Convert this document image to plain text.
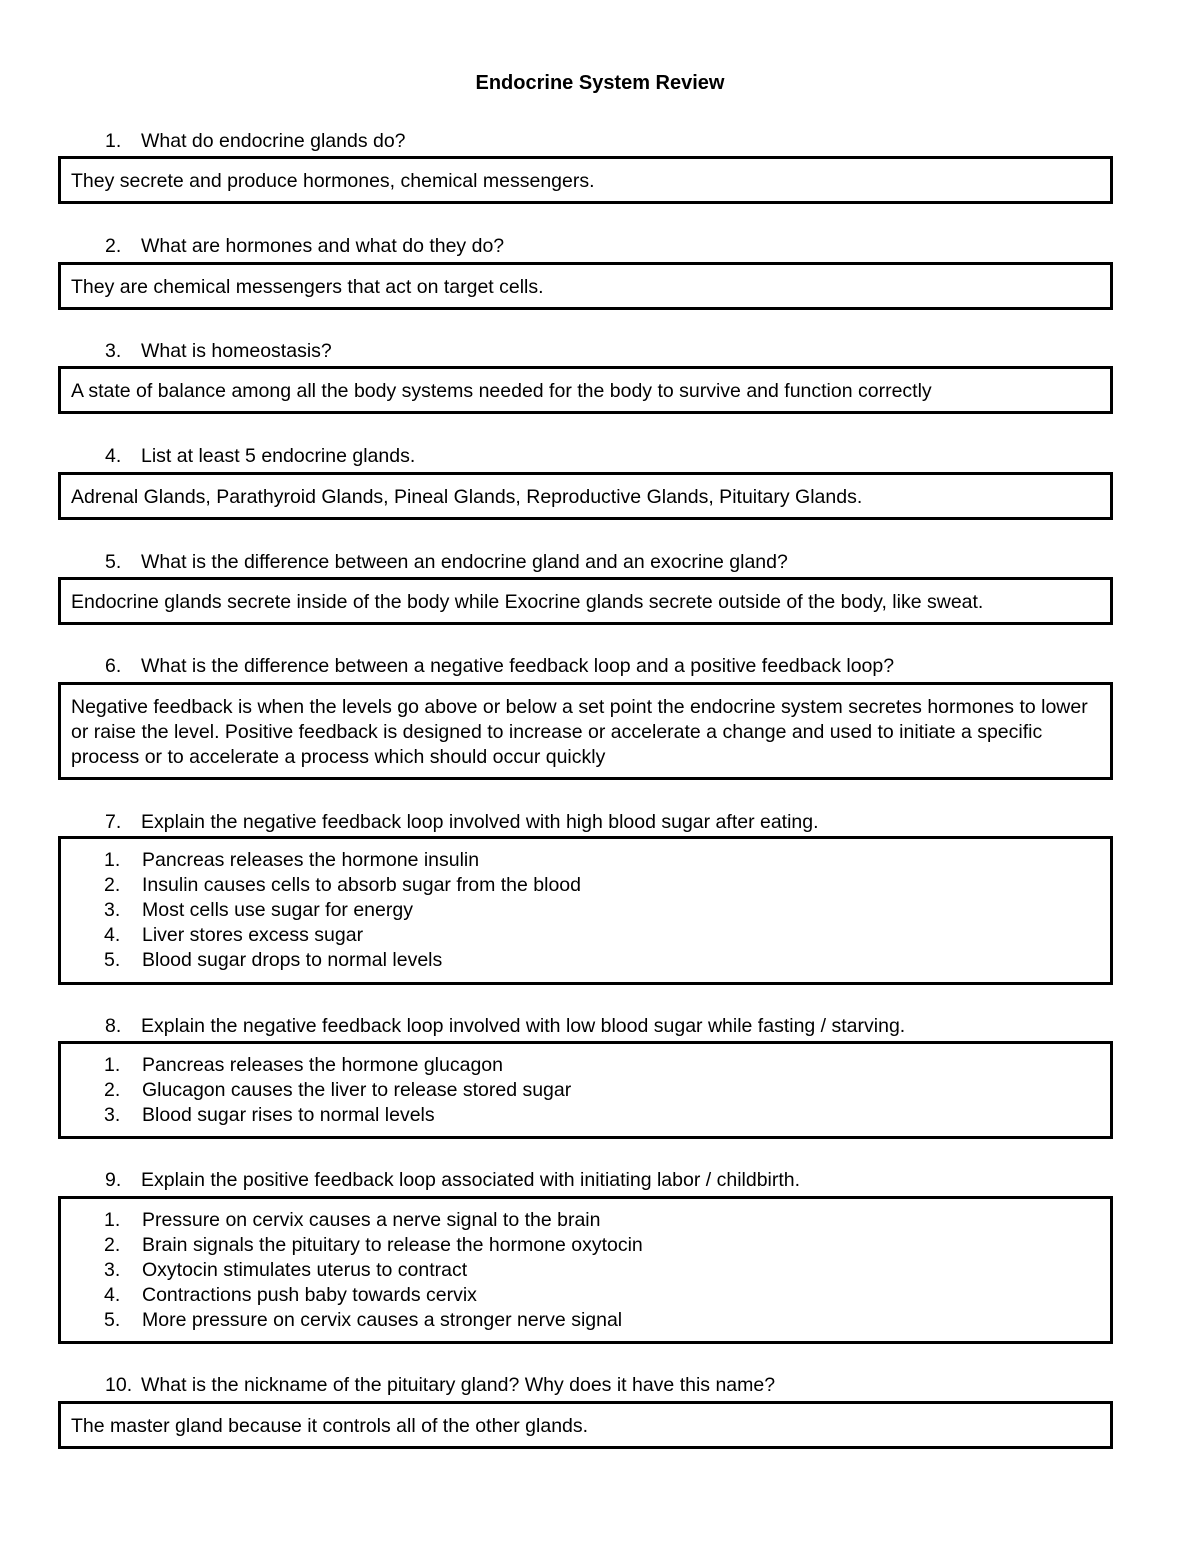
Endocrine System Review
1. What do endocrine glands do?
They secrete and produce hormones, chemical messengers.
2. What are hormones and what do they do?
They are chemical messengers that act on target cells.
3. What is homeostasis?
A state of balance among all the body systems needed for the body to survive and function correctly
4. List at least 5 endocrine glands.
Adrenal Glands, Parathyroid Glands, Pineal Glands, Reproductive Glands, Pituitary Glands.
5. What is the difference between an endocrine gland and an exocrine gland?
Endocrine glands secrete inside of the body while Exocrine glands secrete outside of the body, like sweat.
6. What is the difference between a negative feedback loop and a positive feedback loop?
Negative feedback is when the levels go above or below a set point the endocrine system secretes hormones to lower or raise the level. Positive feedback is designed to increase or accelerate a change and used to initiate a specific process or to accelerate a process which should occur quickly
7. Explain the negative feedback loop involved with high blood sugar after eating.
1.	Pancreas releases the hormone insulin
2.	Insulin causes cells to absorb sugar from the blood
3.	Most cells use sugar for energy
4.	Liver stores excess sugar
5.	Blood sugar drops to normal levels
8. Explain the negative feedback loop involved with low blood sugar while fasting / starving.
1.	Pancreas releases the hormone glucagon
2.	Glucagon causes the liver to release stored sugar
3.	Blood sugar rises to normal levels
9. Explain the positive feedback loop associated with initiating labor / childbirth.
1.	Pressure on cervix causes a nerve signal to the brain
2.	Brain signals the pituitary to release the hormone oxytocin
3.	Oxytocin stimulates uterus to contract
4.	Contractions push baby towards cervix
5.	More pressure on cervix causes a stronger nerve signal
10. What is the nickname of the pituitary gland? Why does it have this name?
The master gland because it controls all of the other glands.
